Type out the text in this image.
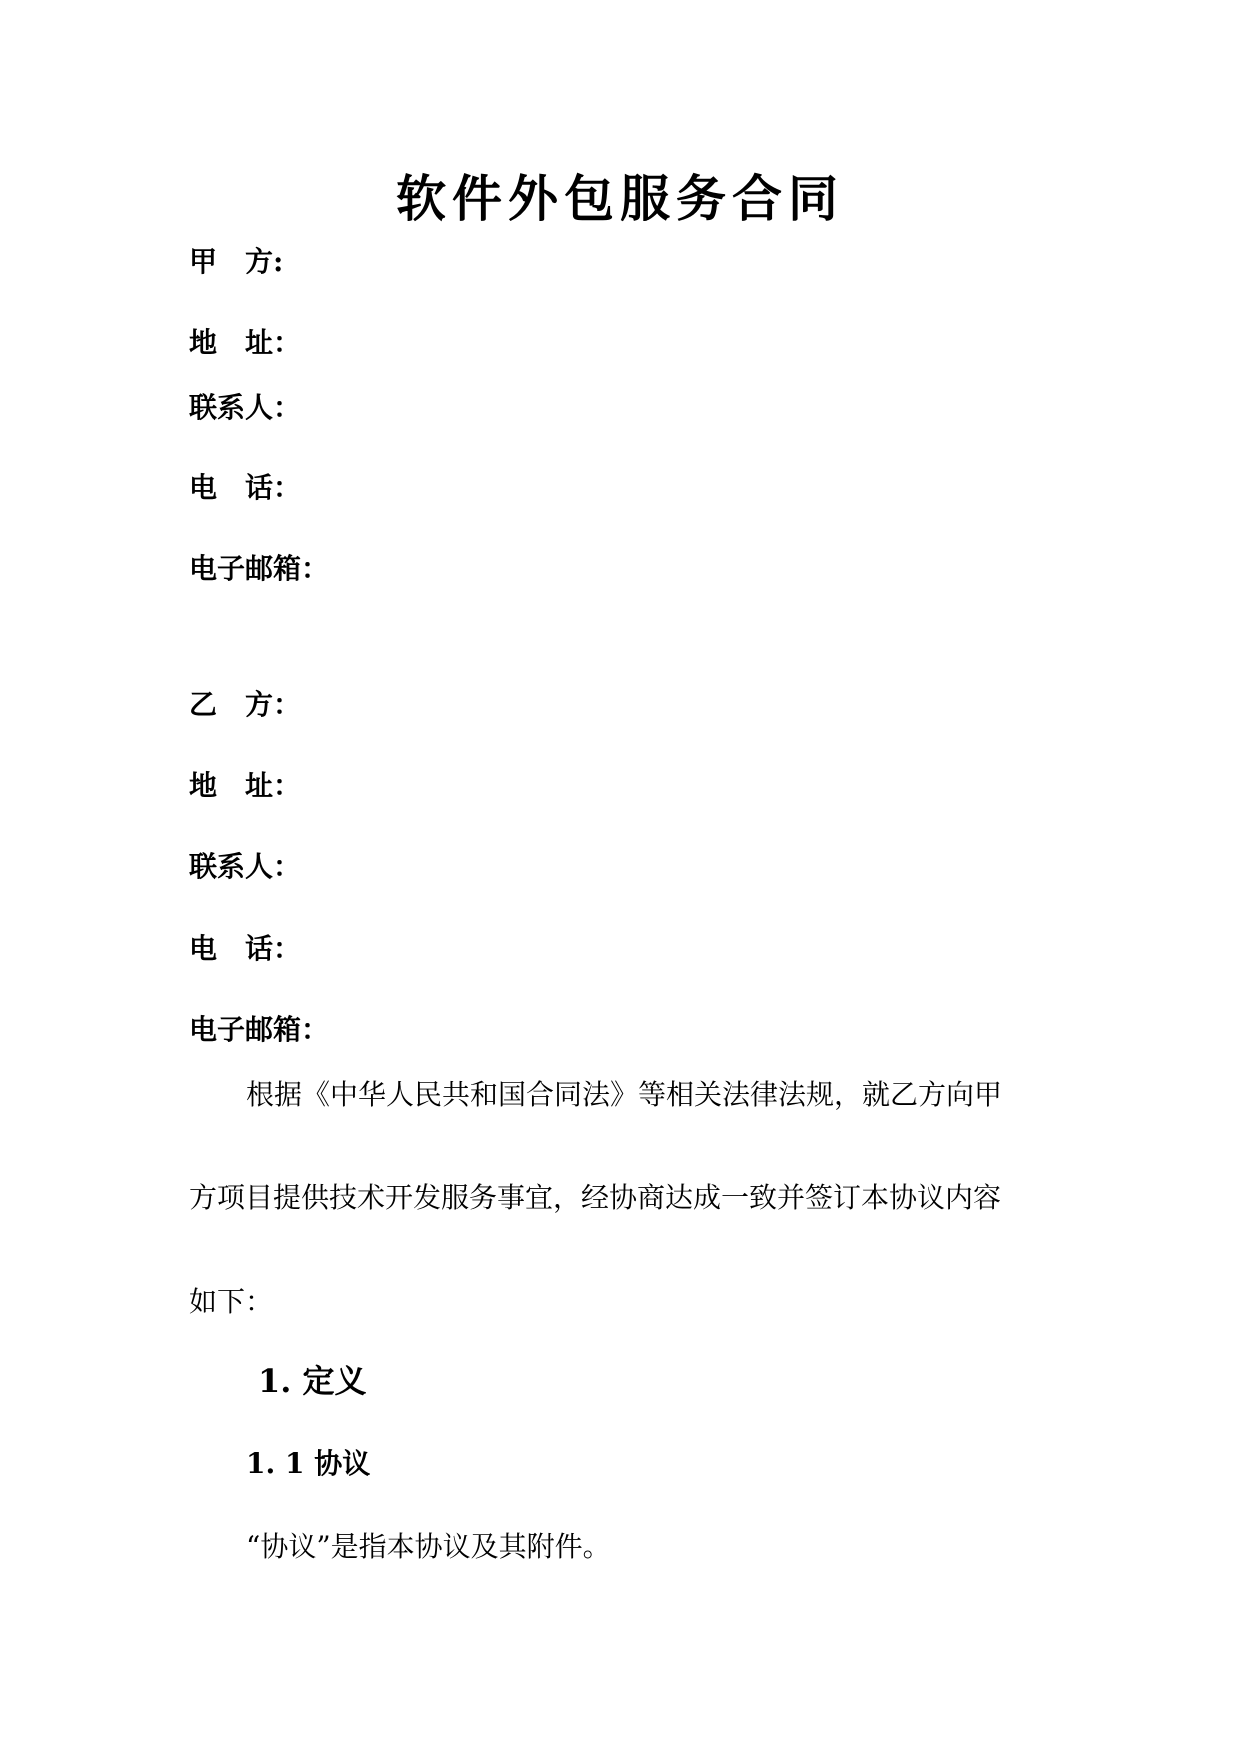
软件外包服务合同
甲　方:
地　址：
联系人：
电　话：
电子邮箱：
乙　方：
地　址：
联系人：
电　话：
电子邮箱：
根据《中华人民共和国合同法》等相关法律法规，就乙方向甲
方项目提供技术开发服务事宜，经协商达成一致并签订本协议内容
如下：
1. 定义
1. 1 协议
“协议”是指本协议及其附件。
